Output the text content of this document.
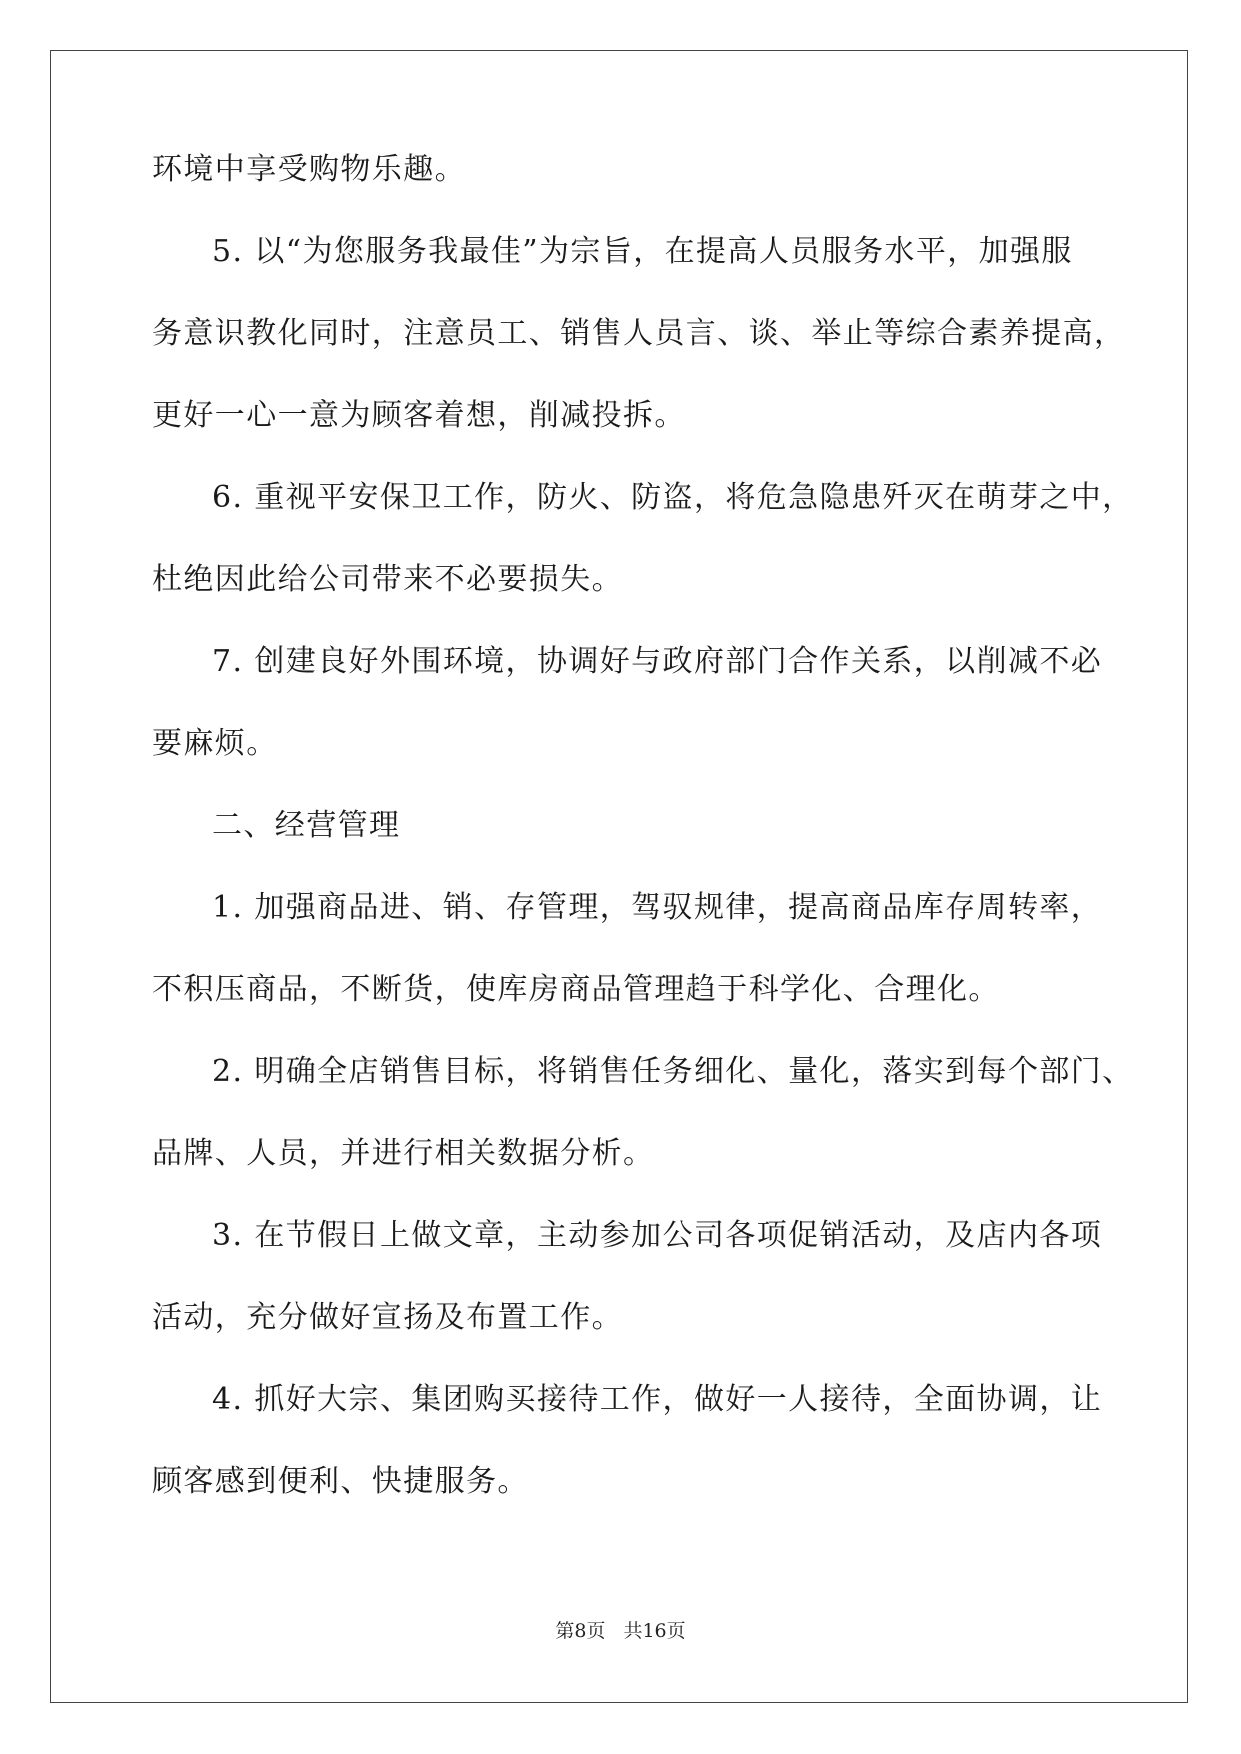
环境中享受购物乐趣。
5. 以“为您服务我最佳”为宗旨，在提高人员服务水平，加强服
务意识教化同时，注意员工、销售人员言、谈、举止等综合素养提高，
更好一心一意为顾客着想，削减投拆。
6. 重视平安保卫工作，防火、防盗，将危急隐患歼灭在萌芽之中，
杜绝因此给公司带来不必要损失。
7. 创建良好外围环境，协调好与政府部门合作关系，以削减不必
要麻烦。
二、经营管理
1. 加强商品进、销、存管理，驾驭规律，提高商品库存周转率，
不积压商品，不断货，使库房商品管理趋于科学化、合理化。
2. 明确全店销售目标，将销售任务细化、量化，落实到每个部门、
品牌、人员，并进行相关数据分析。
3. 在节假日上做文章，主动参加公司各项促销活动，及店内各项
活动，充分做好宣扬及布置工作。
4. 抓好大宗、集团购买接待工作，做好一人接待，全面协调，让
顾客感到便利、快捷服务。
第8页 共16页
